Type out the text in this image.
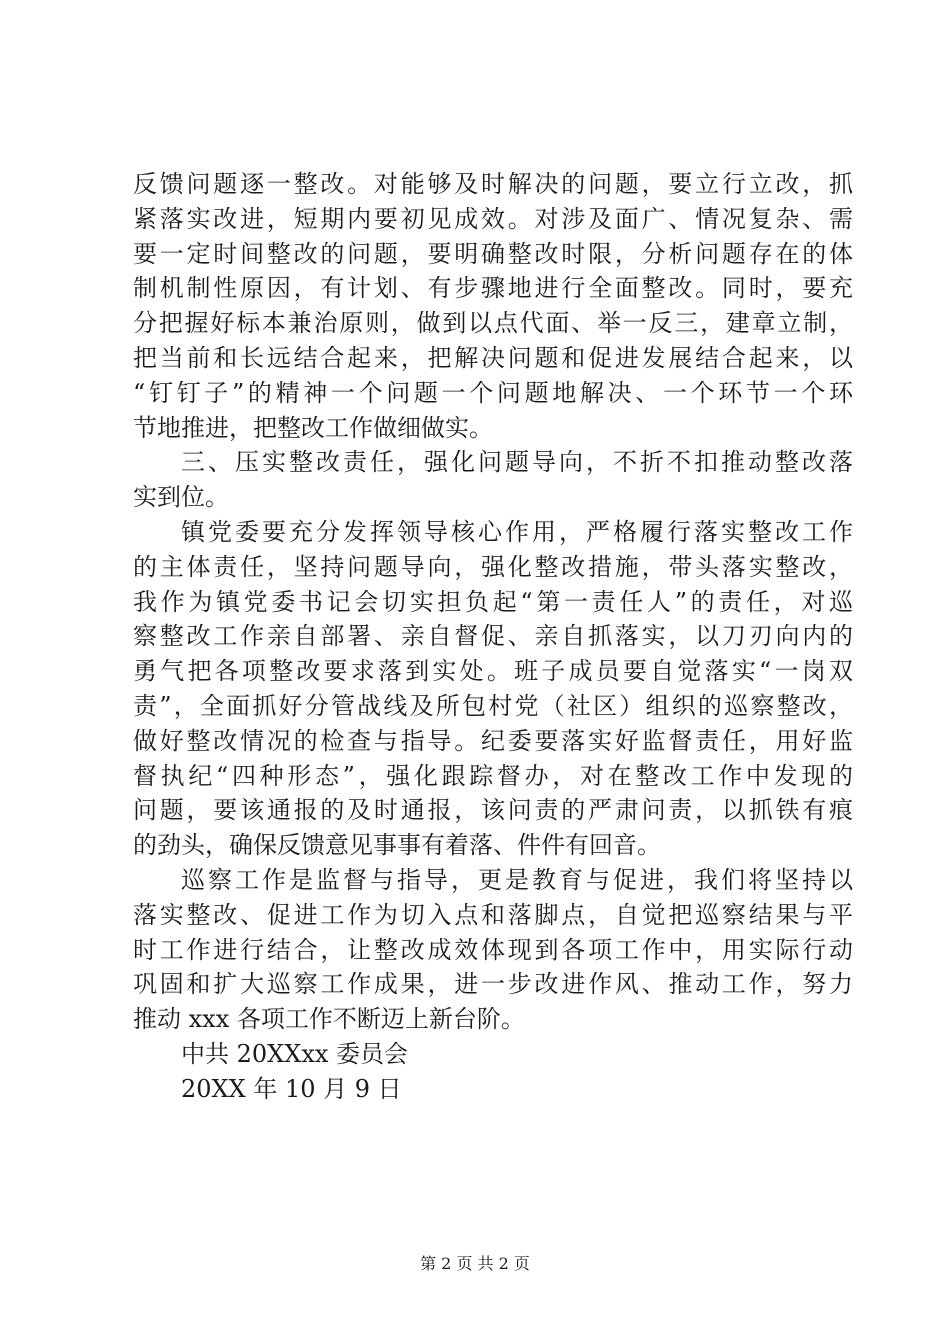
反馈问题逐一整改。对能够及时解决的问题，要立行立改，抓
紧落实改进，短期内要初见成效。对涉及面广、情况复杂、需
要一定时间整改的问题，要明确整改时限，分析问题存在的体
制机制性原因，有计划、有步骤地进行全面整改。同时，要充
分把握好标本兼治原则，做到以点代面、举一反三，建章立制，
把当前和长远结合起来，把解决问题和促进发展结合起来，以
“钉钉子”的精神一个问题一个问题地解决、一个环节一个环
节地推进，把整改工作做细做实。
三、压实整改责任，强化问题导向，不折不扣推动整改落
实到位。
镇党委要充分发挥领导核心作用，严格履行落实整改工作
的主体责任，坚持问题导向，强化整改措施，带头落实整改，
我作为镇党委书记会切实担负起“第一责任人”的责任，对巡
察整改工作亲自部署、亲自督促、亲自抓落实，以刀刃向内的
勇气把各项整改要求落到实处。班子成员要自觉落实“一岗双
责”，全面抓好分管战线及所包村党（社区）组织的巡察整改，
做好整改情况的检查与指导。纪委要落实好监督责任，用好监
督执纪“四种形态”，强化跟踪督办，对在整改工作中发现的
问题，要该通报的及时通报，该问责的严肃问责，以抓铁有痕
的劲头，确保反馈意见事事有着落、件件有回音。
巡察工作是监督与指导，更是教育与促进，我们将坚持以
落实整改、促进工作为切入点和落脚点，自觉把巡察结果与平
时工作进行结合，让整改成效体现到各项工作中，用实际行动
巩固和扩大巡察工作成果，进一步改进作风、推动工作，努力
推动 xxx 各项工作不断迈上新台阶。
中共 20XXxx 委员会
20XX 年 10 月 9 日
第 2 页 共 2 页
